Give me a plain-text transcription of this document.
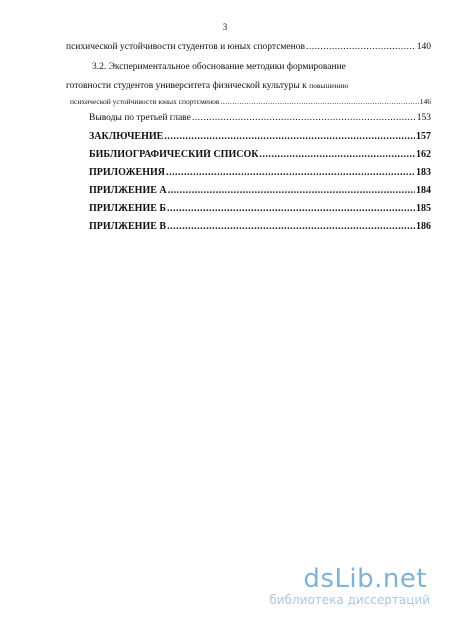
3
психической устойчивости студентов и юных спортсменов .....	140
3.2. Экспериментальное обоснование методики формирование
готовности студентов университета физической культуры к повышению
психической устойчивости юных спортсменов .....	146
Выводы по третьей главе .....	153
ЗАКЛЮЧЕНИЕ .....	157
БИБЛИОГРАФИЧЕСКИЙ СПИСОК .....	162
ПРИЛОЖЕНИЯ .....	183
ПРИЛЖЕНИЕ А .....	184
ПРИЛЖЕНИЕ Б .....	185
ПРИЛЖЕНИЕ В .....	186
dsLib.net
библиотека диссертаций
